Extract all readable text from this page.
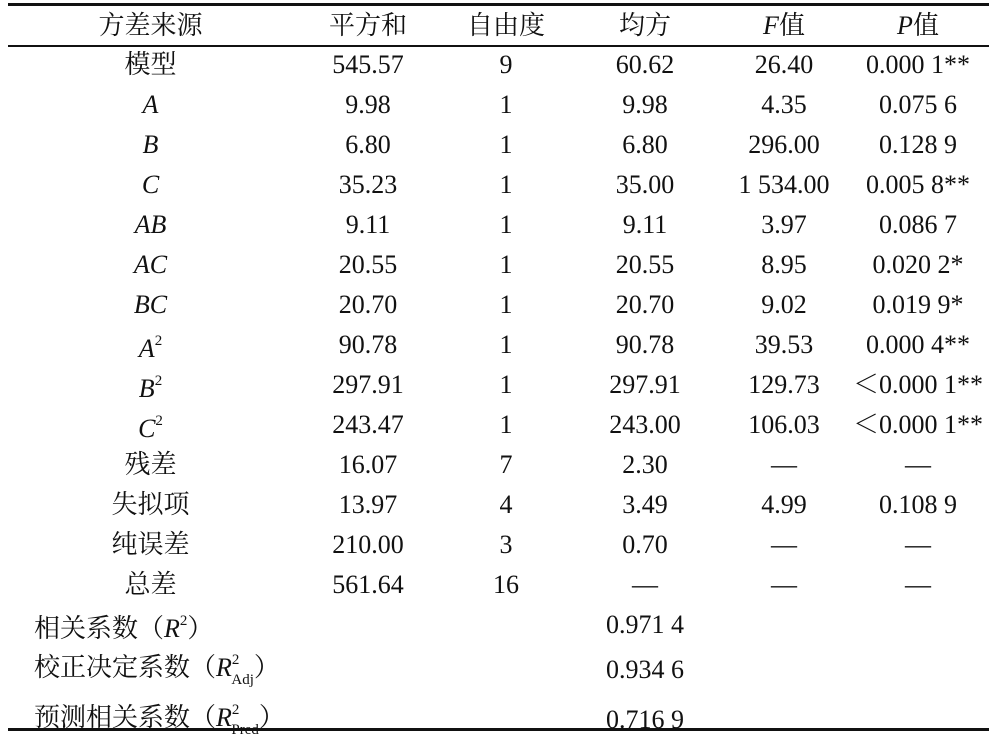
方差来源	平方和	自由度	均方	F值	P值
模型	545.57	9	60.62	26.40	0.000 1**
A	9.98	1	9.98	4.35	0.075 6
B	6.80	1	6.80	296.00	0.128 9
C	35.23	1	35.00	1 534.00	0.005 8**
AB	9.11	1	9.11	3.97	0.086 7
AC	20.55	1	20.55	8.95	0.020 2*
BC	20.70	1	20.70	9.02	0.019 9*
$A^2$	90.78	1	90.78	39.53	0.000 4**
$B^2$	297.91	1	297.91	129.73	＜0.000 1**
$C^2$	243.47	1	243.00	106.03	＜0.000 1**
残差	16.07	7	2.30	—	—
失拟项	13.97	4	3.49	4.99	0.108 9
纯误差	210.00	3	0.70	—	—
总差	561.64	16	—	—	—
相关系数$(R^2)$			0.971 4		
校正决定系数$(R^2_{Adj})$			0.934 6		
预测相关系数$(R^2_{Pred})$			0.716 9		
